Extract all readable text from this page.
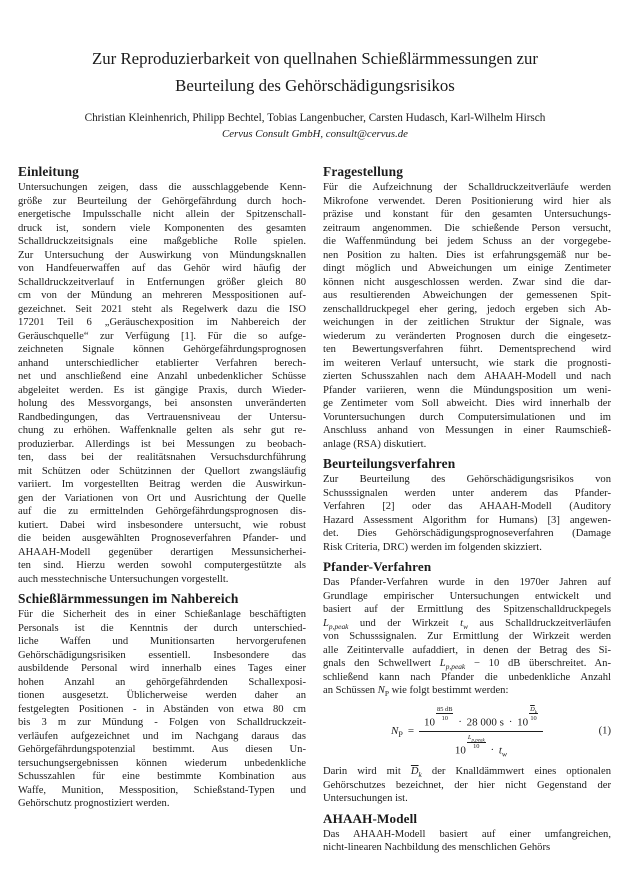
Zur Reproduzierbarkeit von quellnahen Schießlärmmessungen zur
Beurteilung des Gehörschädigungsrisikos
Christian Kleinhenrich, Philipp Bechtel, Tobias Langenbucher, Carsten Hudasch, Karl-Wilhelm Hirsch
Cervus Consult GmbH, consult@cervus.de
Einleitung
Untersuchungen zeigen, dass die ausschlaggebende Kenn-
größe zur Beurteilung der Gehörgefährdung durch hoch-
energetische Impulsschalle nicht allein der Spitzenschall-
druck ist, sondern viele Komponenten des gesamten
Schalldruckzeitsignals eine maßgebliche Rolle spielen.
Zur Untersuchung der Auswirkung von Mündungsknallen
von Handfeuerwaffen auf das Gehör wird häufig der
Schalldruckzeitverlauf in Entfernungen größer gleich 80
cm von der Mündung an mehreren Messpositionen auf-
gezeichnet. Seit 2021 steht als Regelwerk dazu die ISO
17201 Teil 6 „Geräuschexposition im Nahbereich der
Geräuschquelle“ zur Verfügung [1]. Für die so aufge-
zeichneten Signale können Gehörgefährdungsprognosen
anhand unterschiedlicher etablierter Verfahren berech-
net und anschließend eine Anzahl unbedenklicher Schüsse
abgeleitet werden. Es ist gängige Praxis, durch Wieder-
holung des Messvorgangs, bei ansonsten unveränderten
Randbedingungen, das Vertrauensniveau der Untersu-
chung zu erhöhen. Waffenknalle gelten als sehr gut re-
produzierbar. Allerdings ist bei Messungen zu beobach-
ten, dass bei der realitätsnahen Versuchsdurchführung
mit Schützen oder Schützinnen der Quellort zwangsläufig
variiert. Im vorgestellten Beitrag werden die Auswirkun-
gen der Variationen von Ort und Ausrichtung der Quelle
auf die zu ermittelnden Gehörgefährdungsprognosen dis-
kutiert. Dabei wird insbesondere untersucht, wie robust
die beiden ausgewählten Prognoseverfahren Pfander- und
AHAAH-Modell gegenüber derartigen Messunsicherhei-
ten sind. Hierzu werden sowohl computergestützte als
auch messtechnische Untersuchungen vorgestellt.
Schießlärmmessungen im Nahbereich
Für die Sicherheit des in einer Schießanlage beschäftigten
Personals ist die Kenntnis der durch unterschied-
liche Waffen und Munitionsarten hervorgerufenen
Gehörschädigungsrisiken essentiell. Insbesondere das
ausbildende Personal wird innerhalb eines Tages einer
hohen Anzahl an gehörgefährdenden Schallexposi-
tionen ausgesetzt. Üblicherweise werden daher an
festgelegten Positionen - in Abständen von etwa 80 cm
bis 3 m zur Mündung - Folgen von Schalldruckzeit-
verläufen aufgezeichnet und im Nachgang daraus das
Gehörgefährdungspotenzial bestimmt. Aus diesen Un-
tersuchungsergebnissen können wiederum unbedenkliche
Schusszahlen für eine bestimmte Kombination aus
Waffe, Munition, Messposition, Schießstand-Typen und
Gehörschutz prognostiziert werden.
Fragestellung
Für die Aufzeichnung der Schalldruckzeitverläufe werden
Mikrofone verwendet. Deren Positionierung wird hier als
präzise und konstant für den gesamten Untersuchungs-
zeitraum angenommen. Die schießende Person versucht,
die Waffenmündung bei jedem Schuss an der vorgegebe-
nen Position zu halten. Dies ist erfahrungsgemäß nur be-
dingt möglich und Abweichungen um einige Zentimeter
können nicht ausgeschlossen werden. Zwar sind die dar-
aus resultierenden Abweichungen der gemessenen Spit-
zenschalldruckpegel eher gering, jedoch ergeben sich Ab-
weichungen in der zeitlichen Struktur der Signale, was
wiederum zu veränderten Prognosen durch die eingesetz-
ten Bewertungsverfahren führt. Dementsprechend wird
im weiteren Verlauf untersucht, wie stark die prognosti-
zierten Schusszahlen nach dem AHAAH-Modell und nach
Pfander variieren, wenn die Mündungsposition um weni-
ge Zentimeter vom Soll abweicht. Dies wird innerhalb der
Voruntersuchungen durch Computersimulationen und im
Anschluss anhand von Messungen in einer Raumschieß-
anlage (RSA) diskutiert.
Beurteilungsverfahren
Zur Beurteilung des Gehörschädigungsrisikos von
Schusssignalen werden unter anderem das Pfander-
Verfahren [2] oder das AHAAH-Modell (Auditory
Hazard Assessment Algorithm for Humans) [3] angewen-
det. Dies Gehörschädigungsprognoseverfahren (Damage
Risk Criteria, DRC) werden im folgenden skizziert.
Pfander-Verfahren
Das Pfander-Verfahren wurde in den 1970er Jahren auf
Grundlage empirischer Untersuchungen entwickelt und
basiert auf der Ermittlung des Spitzenschalldruckpegels
$L_{p,peak}$ und der Wirkzeit $t_w$ aus Schalldruckzeitverläufen
von Schusssignalen. Zur Ermittlung der Wirkzeit werden
alle Zeitintervalle aufaddiert, in denen der Betrag des Si-
gnals den Schwellwert $L_{p,peak} - 10$ dB überschreitet. An-
schließend kann nach Pfander die unbedenkliche Anzahl
an Schüssen $N_P$ wie folgt bestimmt werden:
$N_P$ =
$10 \frac{85 dB}{10} \cdot 28$ 000 $s \cdot 10 \frac{\overline{D}_k}{10}$
10
$L_{p,peak}$
$10 \cdot t_w$
(1)
Darin wird mit $\overline{D}_k$ der Knalldämmwert eines optionalen
Gehörschutzes bezeichnet, der hier nicht Gegenstand der
Untersuchungen ist.
AHAAH-Modell
Das AHAAH-Modell basiert auf einer umfangreichen,
nicht-linearen Nachbildung des menschlichen Gehörs
